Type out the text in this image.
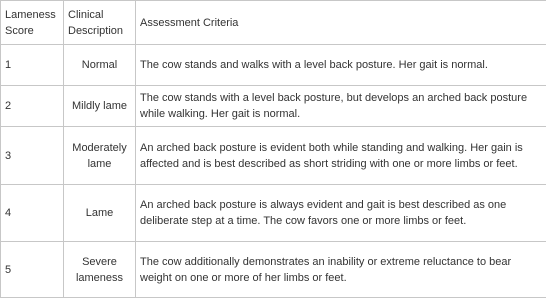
Lameness Score	Clinical Description	Assessment Criteria
1	Normal	The cow stands and walks with a level back posture. Her gait is normal.
2	Mildly lame	The cow stands with a level back posture, but develops an arched back posture while walking. Her gait is normal.
3	Moderately lame	An arched back posture is evident both while standing and walking. Her gain is affected and is best described as short striding with one or more limbs or feet.
4	Lame	An arched back posture is always evident and gait is best described as one deliberate step at a time. The cow favors one or more limbs or feet.
5	Severe lameness	The cow additionally demonstrates an inability or extreme reluctance to bear weight on one or more of her limbs or feet.
